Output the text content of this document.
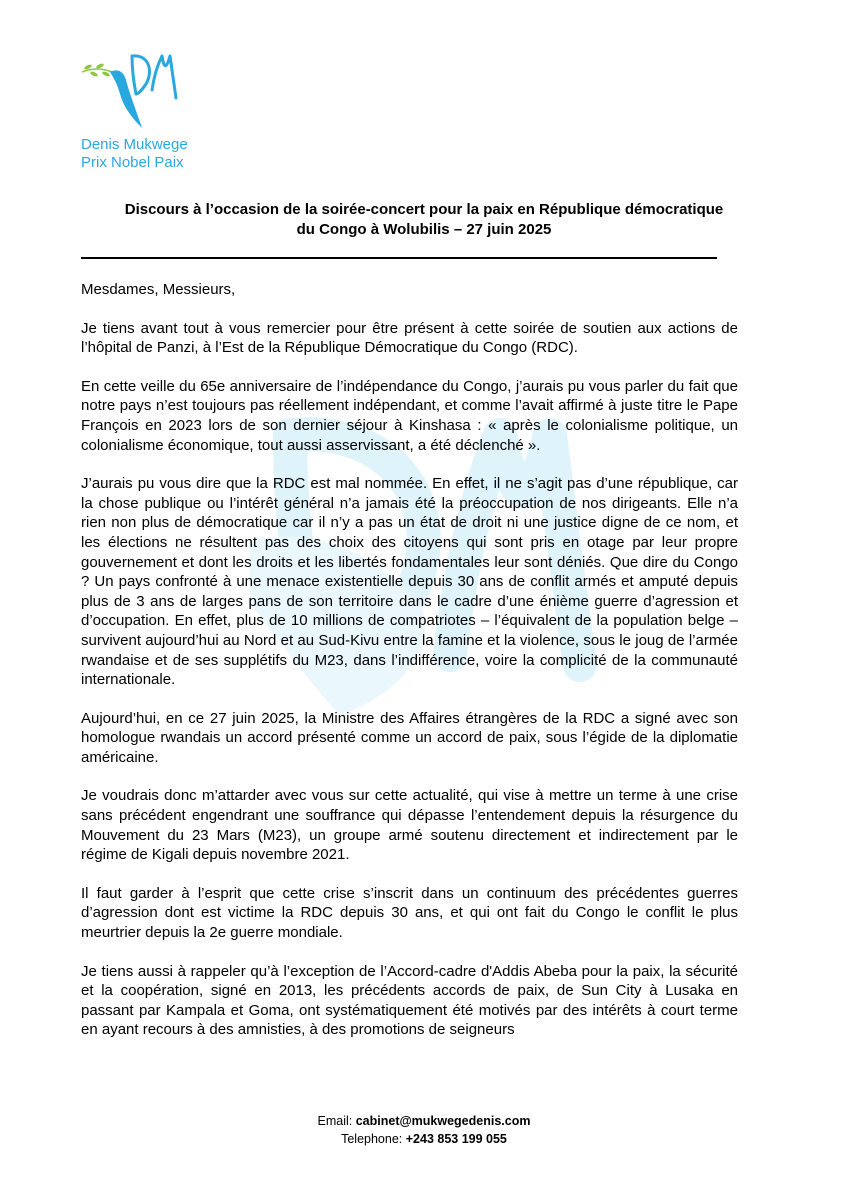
Denis Mukwege
Prix Nobel Paix
Discours à l’occasion de la soirée-concert pour la paix en République démocratique
du Congo à Wolubilis – 27 juin 2025

Mesdames, Messieurs,

Je tiens avant tout à vous remercier pour être présent à cette soirée de soutien aux actions de l’hôpital de Panzi, à l’Est de la République Démocratique du Congo (RDC).

En cette veille du 65e anniversaire de l’indépendance du Congo, j’aurais pu vous parler du fait que notre pays n’est toujours pas réellement indépendant, et comme l’avait affirmé à juste titre le Pape François en 2023 lors de son dernier séjour à Kinshasa : « après le colonialisme politique, un colonialisme économique, tout aussi asservissant, a été déclenché ».

J’aurais pu vous dire que la RDC est mal nommée. En effet, il ne s’agit pas d’une république, car la chose publique ou l’intérêt général n’a jamais été la préoccupation de nos dirigeants. Elle n’a rien non plus de démocratique car il n’y a pas un état de droit ni une justice digne de ce nom, et les élections ne résultent pas des choix des citoyens qui sont pris en otage par leur propre gouvernement et dont les droits et les libertés fondamentales leur sont déniés. Que dire du Congo ? Un pays confronté à une menace existentielle depuis 30 ans de conflit armés et amputé depuis plus de 3 ans de larges pans de son territoire dans le cadre d’une énième guerre d’agression et d’occupation. En effet, plus de 10 millions de compatriotes – l’équivalent de la population belge – survivent aujourd’hui au Nord et au Sud-Kivu entre la famine et la violence, sous le joug de l’armée rwandaise et de ses supplétifs du M23, dans l’indifférence, voire la complicité de la communauté internationale.

Aujourd’hui, en ce 27 juin 2025, la Ministre des Affaires étrangères de la RDC a signé avec son homologue rwandais un accord présenté comme un accord de paix, sous l’égide de la diplomatie américaine.

Je voudrais donc m’attarder avec vous sur cette actualité, qui vise à mettre un terme à une crise sans précédent engendrant une souffrance qui dépasse l’entendement depuis la résurgence du Mouvement du 23 Mars (M23), un groupe armé soutenu directement et indirectement par le régime de Kigali depuis novembre 2021.

Il faut garder à l’esprit que cette crise s’inscrit dans un continuum des précédentes guerres d’agression dont est victime la RDC depuis 30 ans, et qui ont fait du Congo le conflit le plus meurtrier depuis la 2e guerre mondiale.

Je tiens aussi à rappeler qu’à l’exception de l’Accord-cadre d'Addis Abeba pour la paix, la sécurité et la coopération, signé en 2013, les précédents accords de paix, de Sun City à Lusaka en passant par Kampala et Goma, ont systématiquement été motivés par des intérêts à court terme en ayant recours à des amnisties, à des promotions de seigneurs

Email: cabinet@mukwegedenis.com
Telephone: +243 853 199 055
